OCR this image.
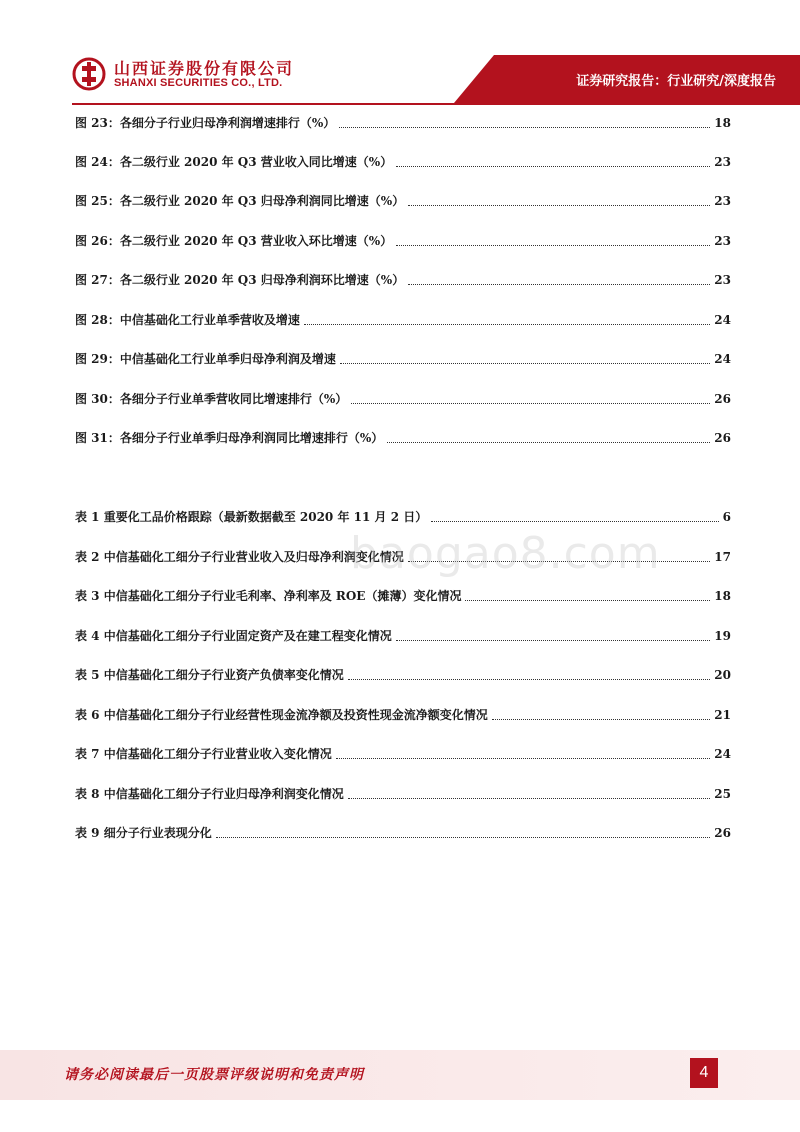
山西证券股份有限公司
SHANXI SECURITIES CO., LTD.	证券研究报告：行业研究/深度报告
图 23：各细分子行业归母净利润增速排行（%）	18
图 24：各二级行业 2020 年 Q3 营业收入同比增速（%）	23
图 25：各二级行业 2020 年 Q3 归母净利润同比增速（%）	23
图 26：各二级行业 2020 年 Q3 营业收入环比增速（%）	23
图 27：各二级行业 2020 年 Q3 归母净利润环比增速（%）	23
图 28：中信基础化工行业单季营收及增速	24
图 29：中信基础化工行业单季归母净利润及增速	24
图 30：各细分子行业单季营收同比增速排行（%）	26
图 31：各细分子行业单季归母净利润同比增速排行（%）	26
表 1 重要化工品价格跟踪（最新数据截至 2020 年 11 月 2 日）	6
表 2 中信基础化工细分子行业营业收入及归母净利润变化情况	17
表 3 中信基础化工细分子行业毛利率、净利率及 ROE（摊薄）变化情况	18
表 4 中信基础化工细分子行业固定资产及在建工程变化情况	19
表 5 中信基础化工细分子行业资产负债率变化情况	20
表 6 中信基础化工细分子行业经营性现金流净额及投资性现金流净额变化情况	21
表 7 中信基础化工细分子行业营业收入变化情况	24
表 8 中信基础化工细分子行业归母净利润变化情况	25
表 9 细分子行业表现分化	26
baogao8.com
请务必阅读最后一页股票评级说明和免责声明	4
